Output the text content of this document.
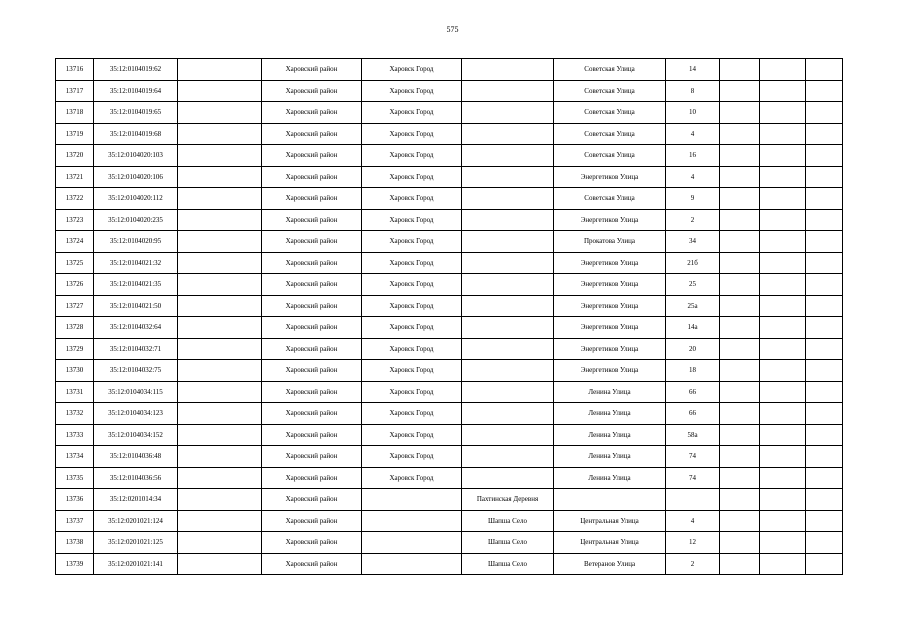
575
13716	35:12:0104019:62		Харовский район	Харовск Город		Советская Улица	14			
13717	35:12:0104019:64		Харовский район	Харовск Город		Советская Улица	8			
13718	35:12:0104019:65		Харовский район	Харовск Город		Советская Улица	10			
13719	35:12:0104019:68		Харовский район	Харовск Город		Советская Улица	4			
13720	35:12:0104020:103		Харовский район	Харовск Город		Советская Улица	16			
13721	35:12:0104020:106		Харовский район	Харовск Город		Энергетиков Улица	4			
13722	35:12:0104020:112		Харовский район	Харовск Город		Советская Улица	9			
13723	35:12:0104020:235		Харовский район	Харовск Город		Энергетиков Улица	2			
13724	35:12:0104020:95		Харовский район	Харовск Город		Прокатова Улица	34			
13725	35:12:0104021:32		Харовский район	Харовск Город		Энергетиков Улица	21б			
13726	35:12:0104021:35		Харовский район	Харовск Город		Энергетиков Улица	25			
13727	35:12:0104021:50		Харовский район	Харовск Город		Энергетиков Улица	25а			
13728	35:12:0104032:64		Харовский район	Харовск Город		Энергетиков Улица	14а			
13729	35:12:0104032:71		Харовский район	Харовск Город		Энергетиков Улица	20			
13730	35:12:0104032:75		Харовский район	Харовск Город		Энергетиков Улица	18			
13731	35:12:0104034:115		Харовский район	Харовск Город		Ленина Улица	66			
13732	35:12:0104034:123		Харовский район	Харовск Город		Ленина Улица	66			
13733	35:12:0104034:152		Харовский район	Харовск Город		Ленина Улица	58а			
13734	35:12:0104036:48		Харовский район	Харовск Город		Ленина Улица	74			
13735	35:12:0104036:56		Харовский район	Харовск Город		Ленина Улица	74			
13736	35:12:0201014:34		Харовский район		Пахтинская Деревня					
13737	35:12:0201021:124		Харовский район		Шапша Село	Центральная Улица	4			
13738	35:12:0201021:125		Харовский район		Шапша Село	Центральная Улица	12			
13739	35:12:0201021:141		Харовский район		Шапша Село	Ветеранов Улица	2			
